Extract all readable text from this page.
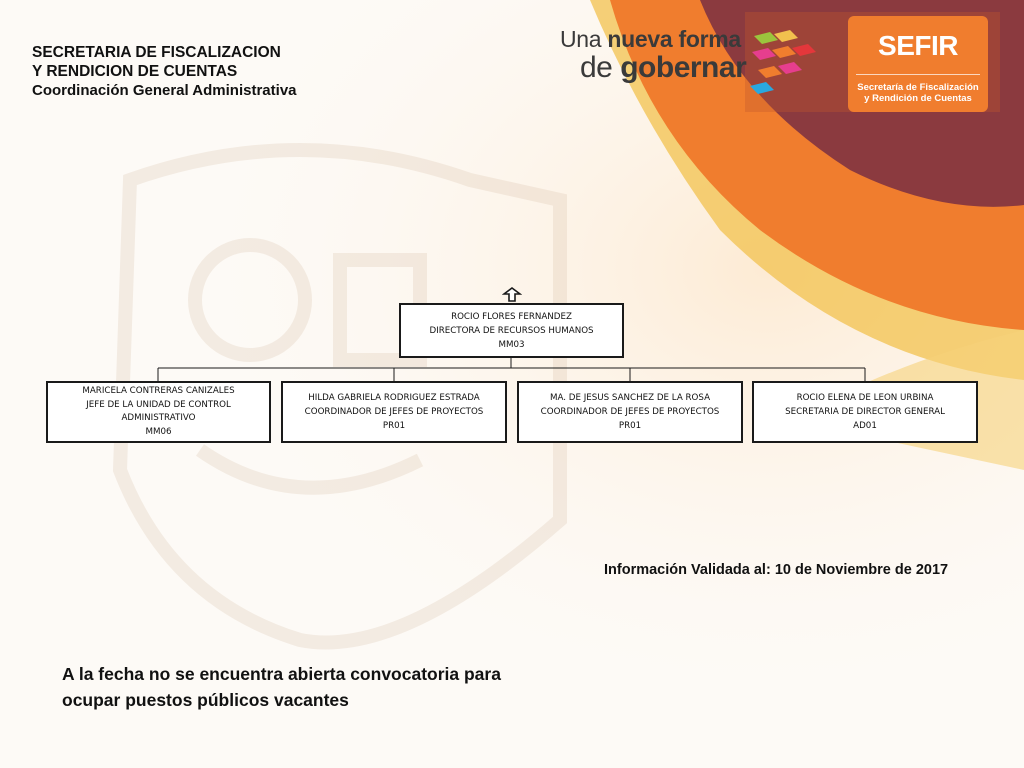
SECRETARIA DE FISCALIZACION
Y RENDICION DE CUENTAS
Coordinación General Administrativa
Una nueva forma
de gobernar
SEFIR
Secretaría de Fiscalización
y Rendición de Cuentas
ROCIO FLORES FERNANDEZ
DIRECTORA DE RECURSOS HUMANOS
MM03
MARICELA CONTRERAS CANIZALES
JEFE DE LA UNIDAD DE CONTROL
ADMINISTRATIVO
MM06
HILDA GABRIELA RODRIGUEZ ESTRADA
COORDINADOR DE JEFES DE PROYECTOS
PR01
MA. DE JESUS SANCHEZ DE LA ROSA
COORDINADOR DE JEFES DE PROYECTOS
PR01
ROCIO ELENA DE LEON URBINA
SECRETARIA DE DIRECTOR GENERAL
AD01
Información Validada al: 10 de Noviembre de 2017
A la fecha no se encuentra abierta convocatoria para
ocupar puestos públicos vacantes
